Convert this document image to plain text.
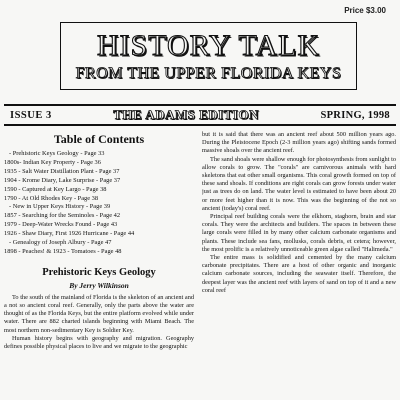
Price $3.00
HISTORY TALK
FROM THE UPPER FLORIDA KEYS
ISSUE 3	THE ADAMS EDITION	SPRING, 1998
Table of Contents
- Prehistoric Keys Geology - Page 33
1800s- Indian Key Property - Page 36
1935 - Salt Water Distillation Plant - Page 37
1904 - Krome Diary, Lake Surprise - Page 37
1590 - Captured at Key Largo - Page 38
1790 - At Old Rhodes Key - Page 38
- New in Upper Keys History - Page 39
1857 - Searching for the Seminoles - Page 42
1979 - Deep-Water Wrecks Found - Page 43
1926 - Shaw Diary, First 1926 Hurricane - Page 44
- Genealogy of Joseph Albury - Page 47
1898 - Peaches! & 1923 - Tomatoes - Page 48
Prehistoric Keys Geology
By Jerry Wilkinson

To the south of the mainland of Florida is the skeleton of an ancient and a not so ancient coral reef. Generally, only the parts above the water are thought of as the Florida Keys, but the entire platform evolved while under water. There are 882 charted islands beginning with Miami Beach. The most northern non-sedimentary Key is Soldier Key.

Human history begins with geography and migration. Geography defines possible physical places to live and we migrate to the geographic

but it is said that there was an ancient reef about 500 million years ago. During the Pleistocene Epoch (2-3 million years ago) shifting sands formed massive shoals over the ancient reef.

The sand shoals were shallow enough for photosynthesis from sunlight to allow corals to grow. The "corals" are carnivorous animals with hard skeletons that eat other small organisms. This coral growth formed on top of these sand shoals. If conditions are right corals can grow forests under water just as trees do on land. The water level is estimated to have been about 20 or more feet higher than it is now. This was the beginning of the not so ancient (today's) coral reef.

Principal reef building corals were the elkhorn, staghorn, brain and star corals. They were the architects and builders. The spaces in between these large corals were filled in by many other calcium carbonate organisms and plants. These include sea fans, mollusks, corals debris, et cetera; however, the most prolific is a relatively unnoticeable green algae called "Halimeda."

The entire mass is solidified and cemented by the many calcium carbonate precipitates. There are a host of other organic and inorganic calcium carbonate sources, including the seawater itself. Therefore, the deepest layer was the ancient reef with layers of sand on top of it and a new coral reef
